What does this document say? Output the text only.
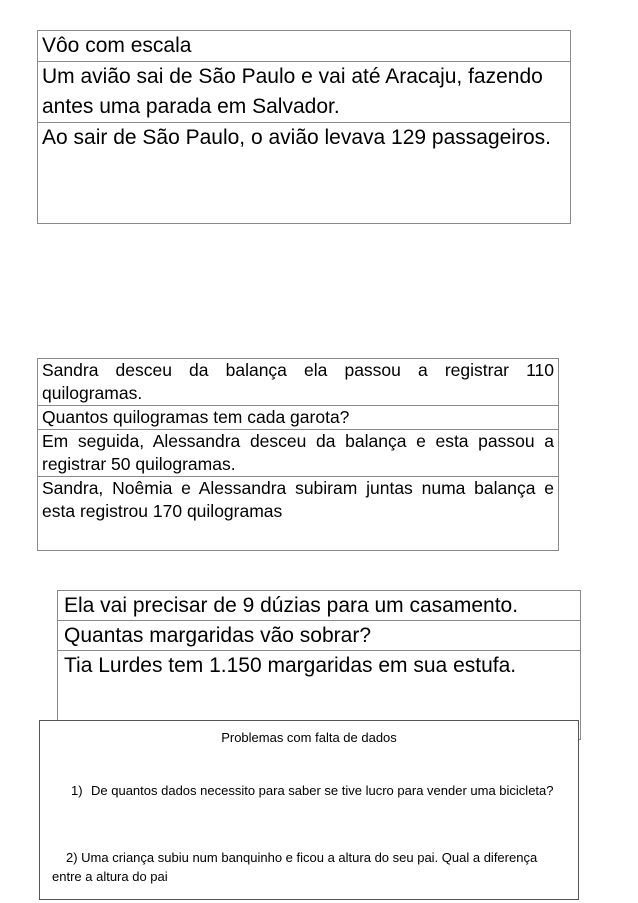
Vôo com escala
Um avião sai de São Paulo e vai até Aracaju, fazendo antes uma parada em Salvador.
Ao sair de São Paulo, o avião levava 129 passageiros.
Sandra desceu da balança ela passou a registrar 110 quilogramas.
Quantos quilogramas tem cada garota?
Em seguida, Alessandra desceu da balança e esta passou a registrar 50 quilogramas.
Sandra, Noêmia e Alessandra subiram juntas numa balança e esta registrou 170 quilogramas
Ela vai precisar de 9 dúzias para um casamento.
Quantas margaridas vão sobrar?
Tia Lurdes tem 1.150 margaridas em sua estufa.
Problemas com falta de dados
1) De quantos dados necessito para saber se tive lucro para vender uma bicicleta?
2) Uma criança subiu num banquinho e ficou a altura do seu pai. Qual a diferença entre a altura do pai
